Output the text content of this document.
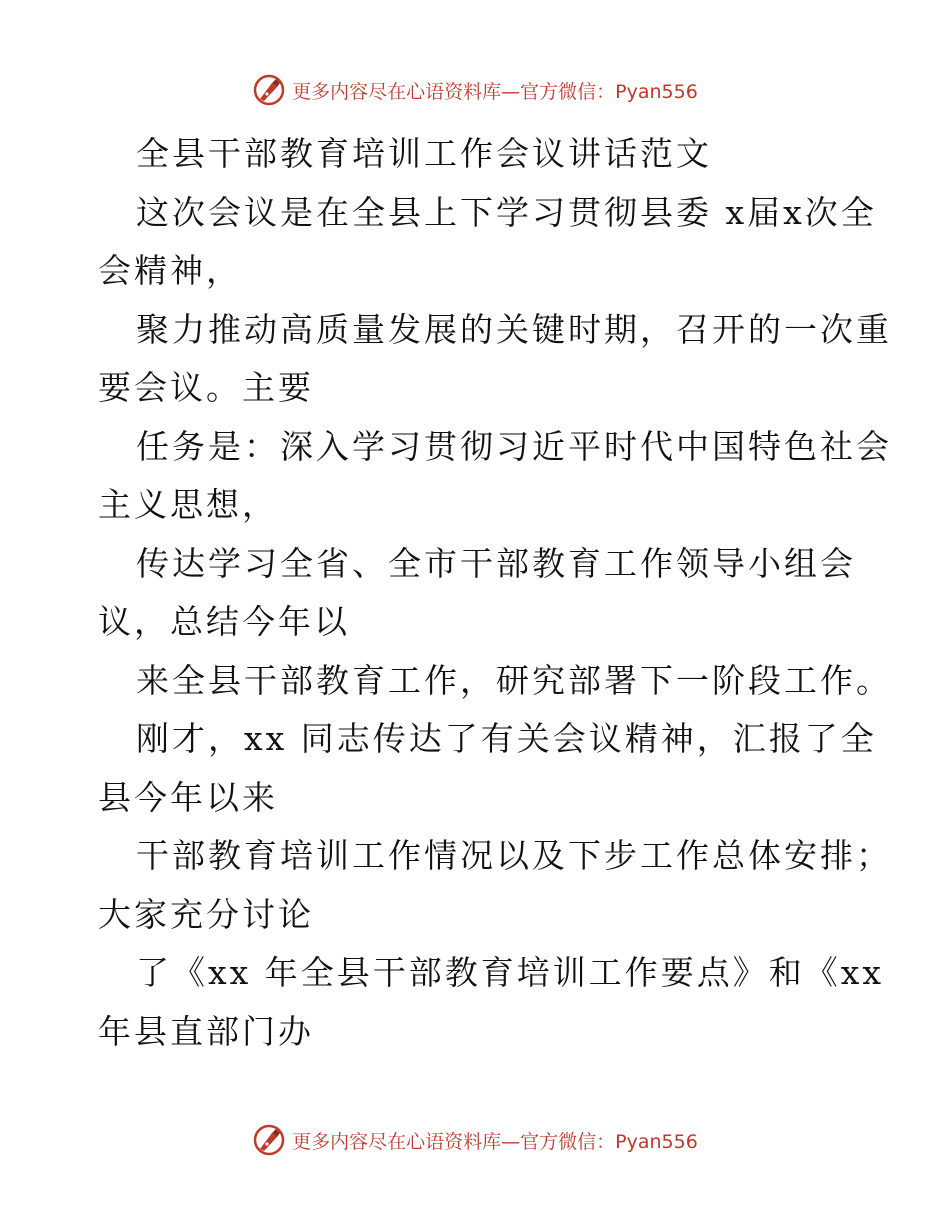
更多内容尽在心语资料库—官方微信：Pyan556
全县干部教育培训工作会议讲话范文
这次会议是在全县上下学习贯彻县委 x届x次全
会精神，
聚力推动高质量发展的关键时期，召开的一次重
要会议。主要
任务是：深入学习贯彻习近平时代中国特色社会
主义思想，
传达学习全省、全市干部教育工作领导小组会
议，总结今年以
来全县干部教育工作，研究部署下一阶段工作。
刚才，xx 同志传达了有关会议精神，汇报了全
县今年以来
干部教育培训工作情况以及下步工作总体安排；
大家充分讨论
了《xx 年全县干部教育培训工作要点》和《xx
年县直部门办
更多内容尽在心语资料库—官方微信：Pyan556
